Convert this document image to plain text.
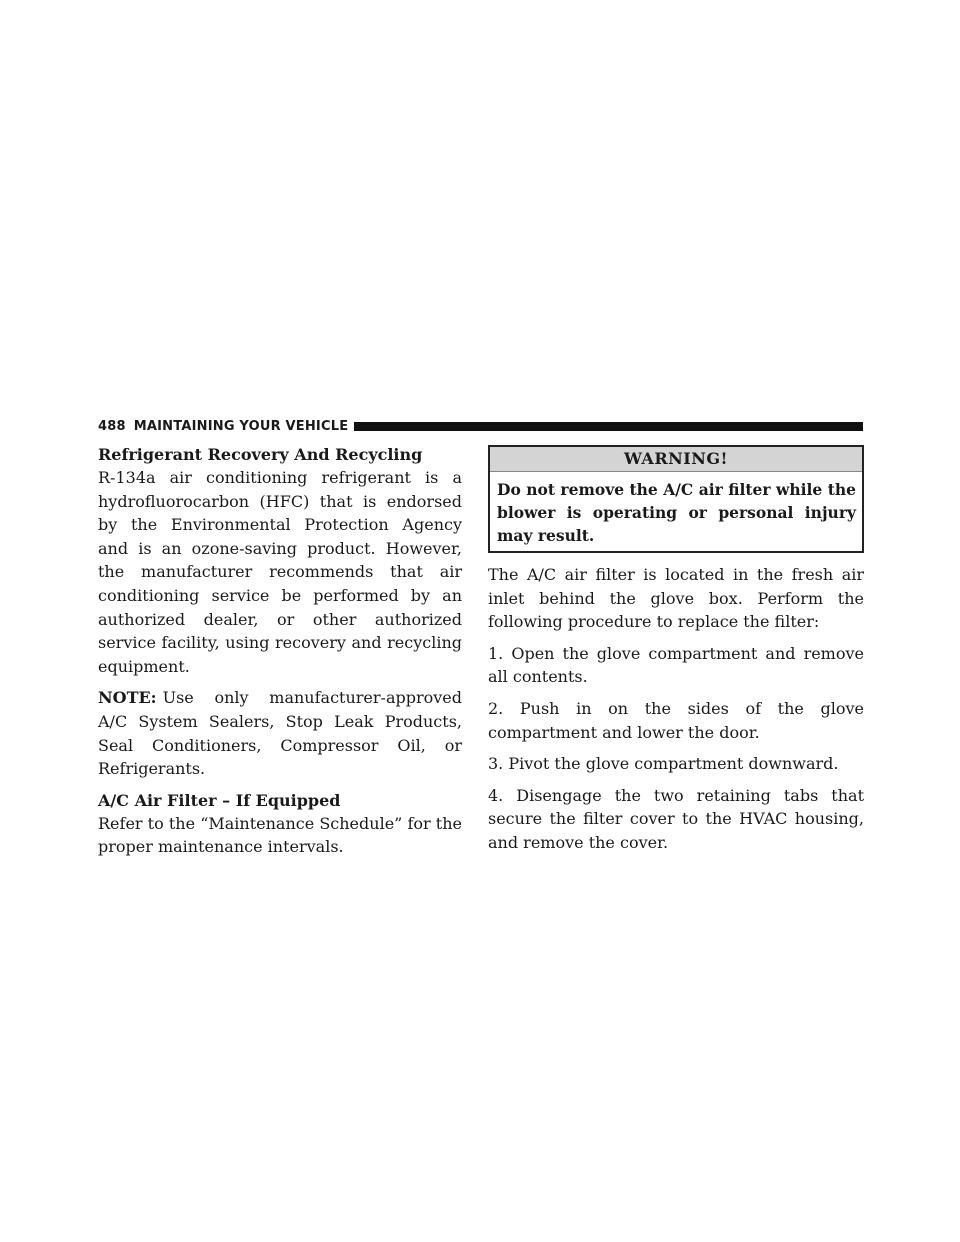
488 MAINTAINING YOUR VEHICLE
Refrigerant Recovery And Recycling

R-134a air conditioning refrigerant is a hydrofluorocarbon (HFC) that is endorsed by the Environmental Protection Agency and is an ozone-saving product. However, the manufacturer recommends that air conditioning service be performed by an authorized dealer, or other authorized service facility, using recovery and recycling equipment.

NOTE: Use only manufacturer-approved A/C System Sealers, Stop Leak Products, Seal Conditioners, Compressor Oil, or Refrigerants.

A/C Air Filter – If Equipped

Refer to the “Maintenance Schedule” for the proper maintenance intervals.

WARNING!
Do not remove the A/C air filter while the blower is operating or personal injury may result.

The A/C air filter is located in the fresh air inlet behind the glove box. Perform the following procedure to replace the filter:

1. Open the glove compartment and remove all contents.

2. Push in on the sides of the glove compartment and lower the door.

3. Pivot the glove compartment downward.

4. Disengage the two retaining tabs that secure the filter cover to the HVAC housing, and remove the cover.
